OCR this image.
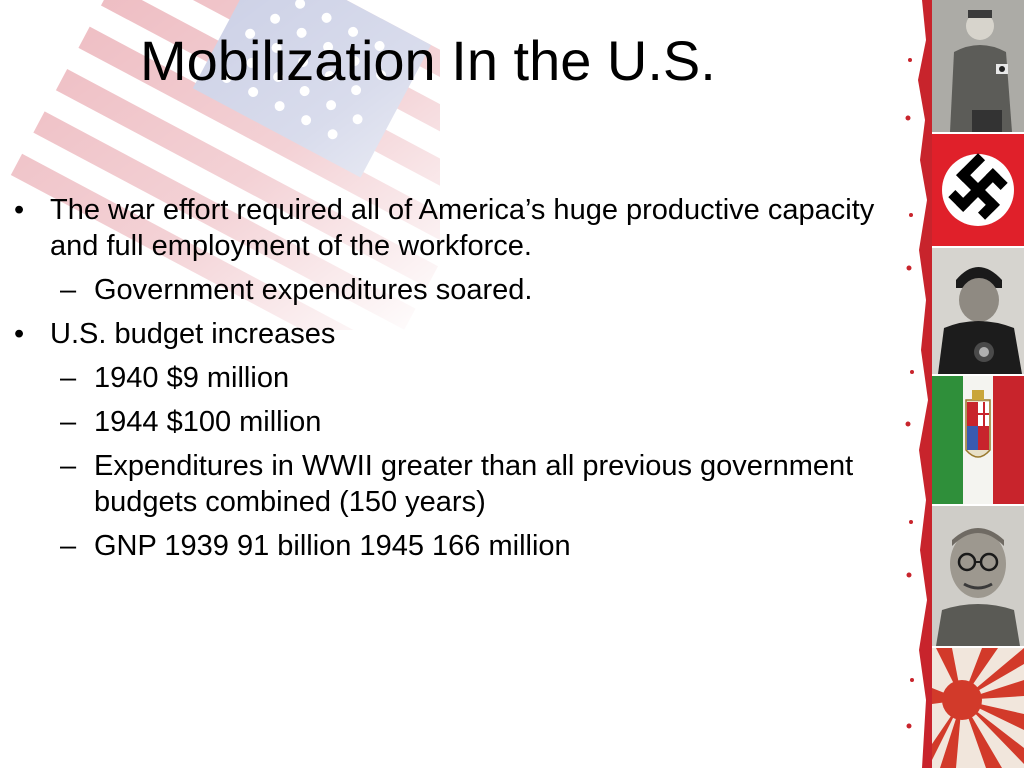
Mobilization In the U.S.
• The war effort required all of America’s huge productive capacity and full employment of the workforce.
– Government expenditures soared.
• U.S. budget increases
– 1940 $9 million
– 1944 $100 million
– Expenditures in WWII greater than all previous government budgets combined (150 years)
– GNP 1939 91 billion 1945 166 million
